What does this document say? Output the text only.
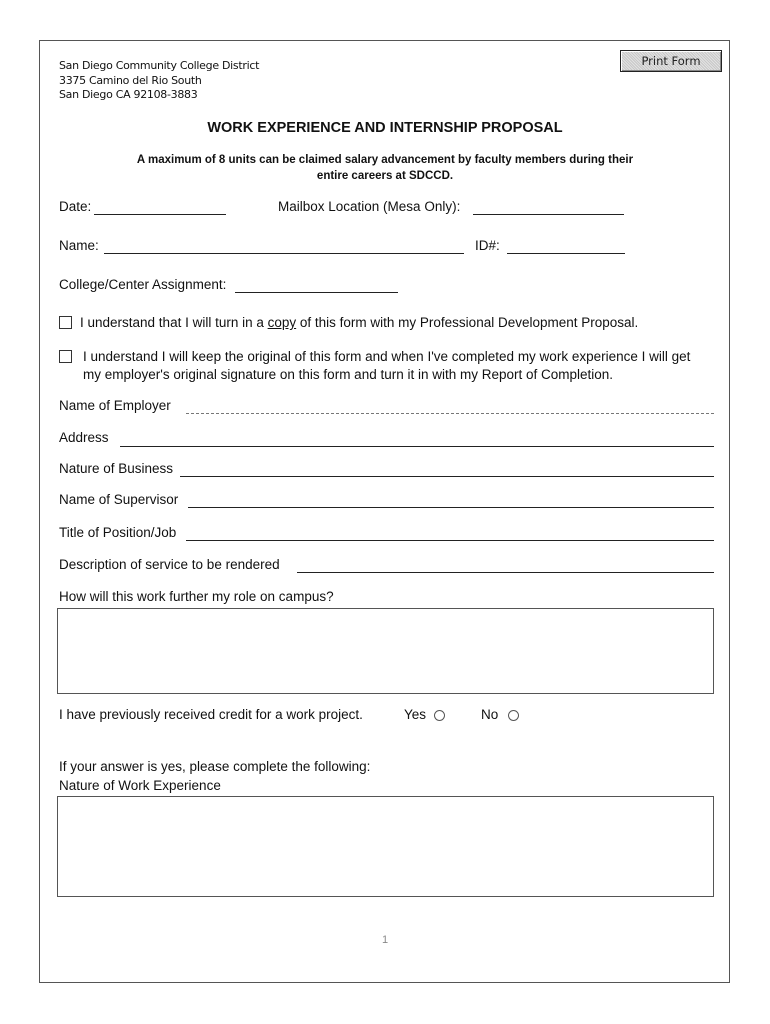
San Diego Community College District
3375 Camino del Rio South
San Diego CA 92108-3883
Print Form
WORK EXPERIENCE AND INTERNSHIP PROPOSAL
A maximum of 8 units can be claimed salary advancement by faculty members during their
entire careers at SDCCD.
Date:	Mailbox Location (Mesa Only):
Name:	ID#:
College/Center Assignment:
I understand that I will turn in a copy of this form with my Professional Development Proposal.
I understand I will keep the original of this form and when I've completed my work experience I will get
my employer's original signature on this form and turn it in with my Report of Completion.
Name of Employer
Address
Nature of Business
Name of Supervisor
Title of Position/Job
Description of service to be rendered
How will this work further my role on campus?
I have previously received credit for a work project.	Yes	No
If your answer is yes, please complete the following:
Nature of Work Experience
1
